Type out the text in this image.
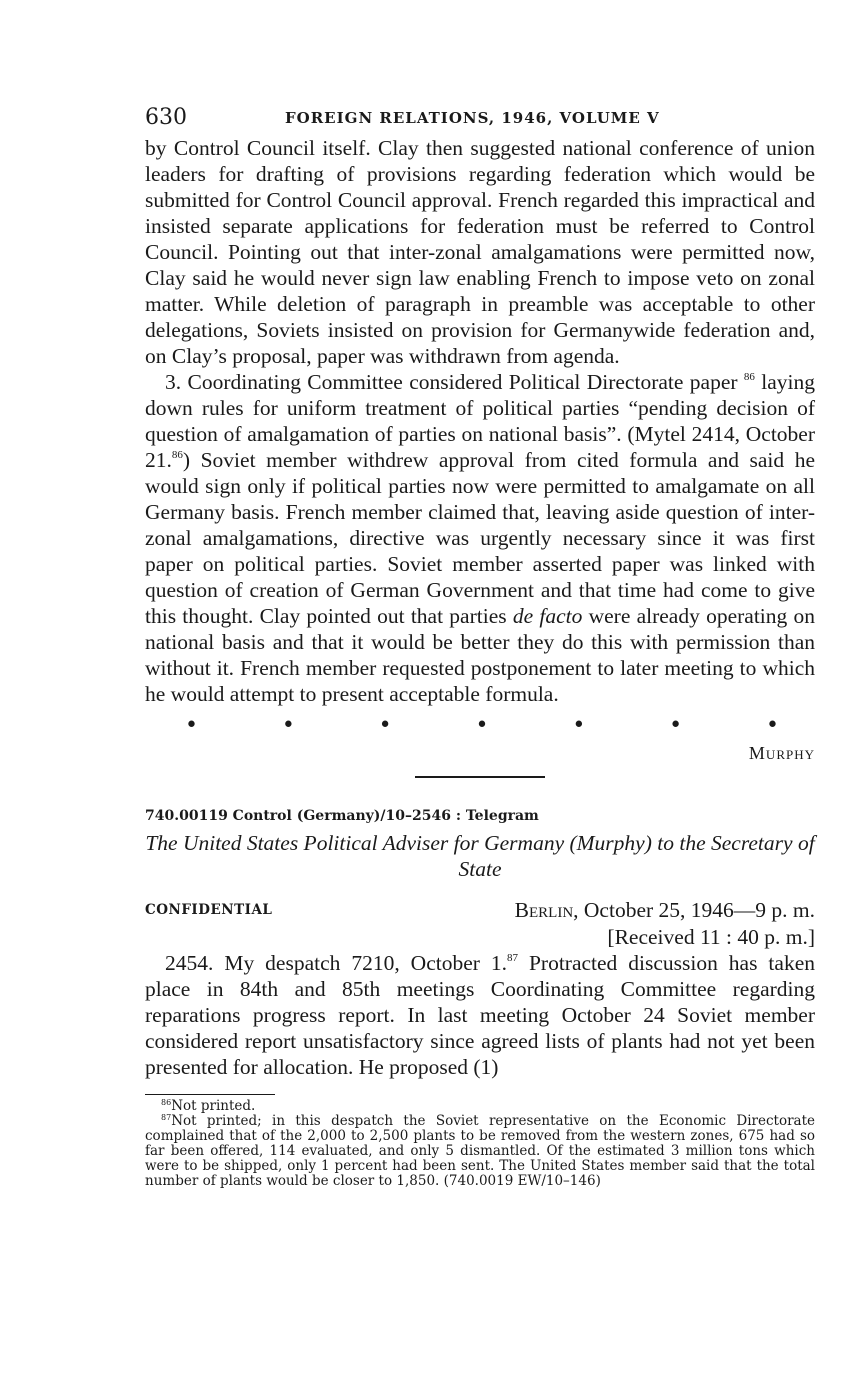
630	FOREIGN RELATIONS, 1946, VOLUME V

by Control Council itself. Clay then suggested national conference of union leaders for drafting of provisions regarding federation which would be submitted for Control Council approval. French regarded this impractical and insisted separate applications for federation must be referred to Control Council. Pointing out that inter-zonal amalgamations were permitted now, Clay said he would never sign law enabling French to impose veto on zonal matter. While deletion of paragraph in preamble was acceptable to other delegations, Soviets insisted on provision for Germanywide federation and, on Clay’s proposal, paper was withdrawn from agenda.

3. Coordinating Committee considered Political Directorate paper $^{86}$ laying down rules for uniform treatment of political parties “pending decision of question of amalgamation of parties on national basis”. (Mytel 2414, October 21.86) Soviet member withdrew approval from cited formula and said he would sign only if political parties now were permitted to amalgamate on all Germany basis. French member claimed that, leaving aside question of inter-zonal amalgamations, directive was urgently necessary since it was first paper on political parties. Soviet member asserted paper was linked with question of creation of German Government and that time had come to give this thought. Clay pointed out that parties de facto were already operating on national basis and that it would be better they do this with permission than without it. French member requested postponement to later meeting to which he would attempt to present acceptable formula.

•	•	•	•	•	•	•
Murphy
740.00119 Control (Germany)/10–2546 : Telegram
The United States Political Adviser for Germany (Murphy) to the Secretary of State
CONFIDENTIAL	Berlin, October 25, 1946—9 p. m.
[Received 11 : 40 p. m.]

2454. My despatch 7210, October 1.87 Protracted discussion has taken place in 84th and 85th meetings Coordinating Committee regarding reparations progress report. In last meeting October 24 Soviet member considered report unsatisfactory since agreed lists of plants had not yet been presented for allocation. He proposed (1)

$^{86}$Not printed.

$^{87}$Not printed; in this despatch the Soviet representative on the Economic Directorate complained that of the 2,000 to 2,500 plants to be removed from the western zones, 675 had so far been offered, 114 evaluated, and only 5 dismantled. Of the estimated 3 million tons which were to be shipped, only 1 percent had been sent. The United States member said that the total number of plants would be closer to 1,850. (740.0019 EW/10–146)
